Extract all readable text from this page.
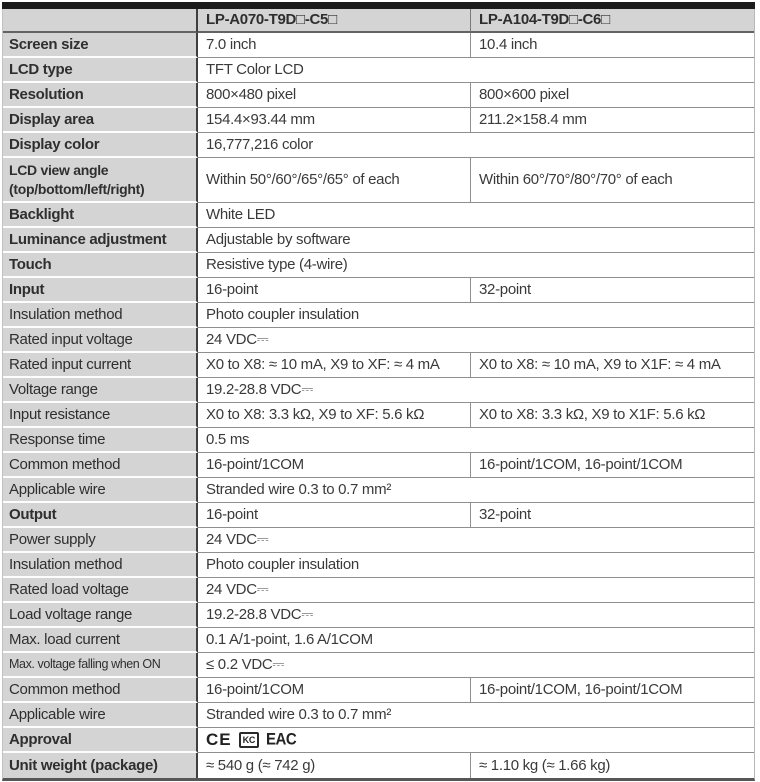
	LP-A070-T9D□-C5□	LP-A104-T9D□-C6□
Screen size	7.0 inch	10.4 inch
LCD type	TFT Color LCD	
Resolution	800×480 pixel	800×600 pixel
Display area	154.4×93.44 mm	211.2×158.4 mm
Display color	16,777,216 color	

LCD view angle
(top/bottom/left/right)	Within 50°/60°/65°/65° of each	Within 60°/70°/80°/70° of each
Backlight	White LED	
Luminance adjustment	Adjustable by software	
Touch	Resistive type (4-wire)	
Input	16-point	32-point
Insulation method	Photo coupler insulation	
Rated input voltage	24 VDC⎓	
Rated input current	X0 to X8: ≈ 10 mA, X9 to XF: ≈ 4 mA	X0 to X8: ≈ 10 mA, X9 to X1F: ≈ 4 mA
Voltage range	19.2-28.8 VDC⎓	
Input resistance	X0 to X8: 3.3 kΩ, X9 to XF: 5.6 kΩ	X0 to X8: 3.3 kΩ, X9 to X1F: 5.6 kΩ
Response time	0.5 ms	
Common method	16-point/1COM	16-point/1COM, 16-point/1COM
Applicable wire	Stranded wire 0.3 to 0.7 mm²	
Output	16-point	32-point
Power supply	24 VDC⎓	
Insulation method	Photo coupler insulation	
Rated load voltage	24 VDC⎓	
Load voltage range	19.2-28.8 VDC⎓	
Max. load current	0.1 A/1-point, 1.6 A/1COM	
Max. voltage falling when ON	≤ 0.2 VDC⎓	
Common method	16-point/1COM	16-point/1COM, 16-point/1COM
Applicable wire	Stranded wire 0.3 to 0.7 mm²	
Approval	CE KC EAC	

Unit weight (package)	≈ 540 g (≈ 742 g)	≈ 1.10 kg (≈ 1.66 kg)
